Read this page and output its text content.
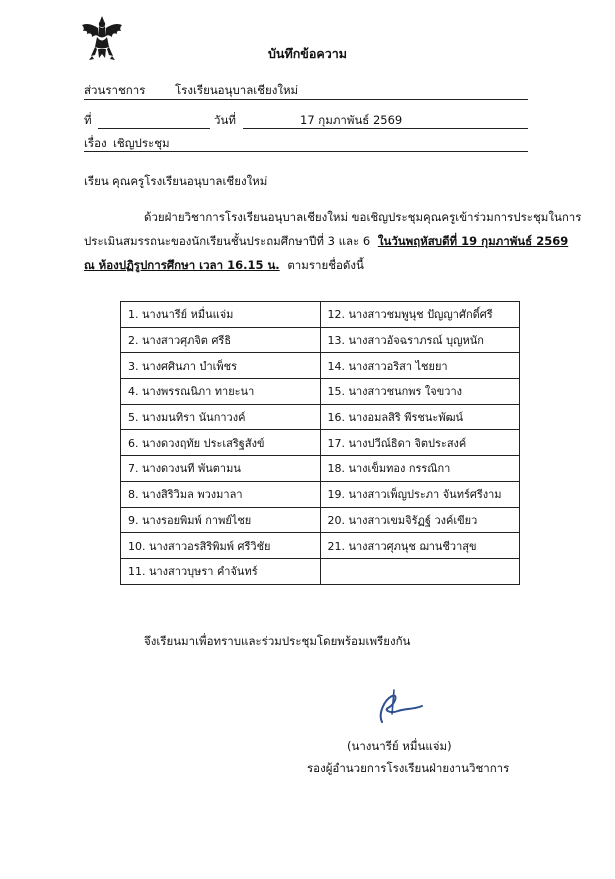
บันทึกข้อความ
ส่วนราชการ	โรงเรียนอนุบาลเชียงใหม่
ที่	วันที่	17 กุมภาพันธ์ 2569
เรื่อง เชิญประชุม
เรียน คุณครูโรงเรียนอนุบาลเชียงใหม่
ด้วยฝ่ายวิชาการโรงเรียนอนุบาลเชียงใหม่ ขอเชิญประชุมคุณครูเข้าร่วมการประชุมในการ
ประเมินสมรรถนะของนักเรียนชั้นประถมศึกษาปีที่ 3 และ 6 ในวันพฤหัสบดีที่ 19 กุมภาพันธ์ 2569
ณ ห้องปฏิรูปการศึกษา เวลา 16.15 น. ตามรายชื่อดังนี้
1. นางนารีย์ หมื่นแจ่ม	12. นางสาวชมพูนุช ปัญญาศักดิ์ศรี
2. นางสาวศุภจิต ศรีธิ	13. นางสาวอัจฉราภรณ์ บุญหนัก
3. นางศศินภา บำเพ็ชร	14. นางสาวอริสา ไชยยา
4. นางพรรณนิภา ทายะนา	15. นางสาวชนกพร ใจขวาง
5. นางมนทิรา นันกาวงค์	16. นางอมลสิริ พีรชนะพัฒน์
6. นางดวงฤทัย ประเสริฐสังข์	17. นางปวีณ์ธิดา จิตประสงค์
7. นางดวงนที พันตามน	18. นางเข็มทอง กรรณิกา
8. นางสิริวิมล พวงมาลา	19. นางสาวเพ็ญประภา จันทร์ศรีงาม
9. นางรอยพิมพ์ กาพย์ไชย	20. นางสาวเขมจิรัฏฐ์ วงค์เขียว
10. นางสาวอรสิริพิมพ์ ศรีวิชัย	21. นางสาวศุภนุช ฌานชีวาสุข
11. นางสาวบุษรา คำจันทร์	
จึงเรียนมาเพื่อทราบและร่วมประชุมโดยพร้อมเพรียงกัน
(นางนารีย์ หมื่นแจ่ม)
รองผู้อำนวยการโรงเรียนฝ่ายงานวิชาการ
